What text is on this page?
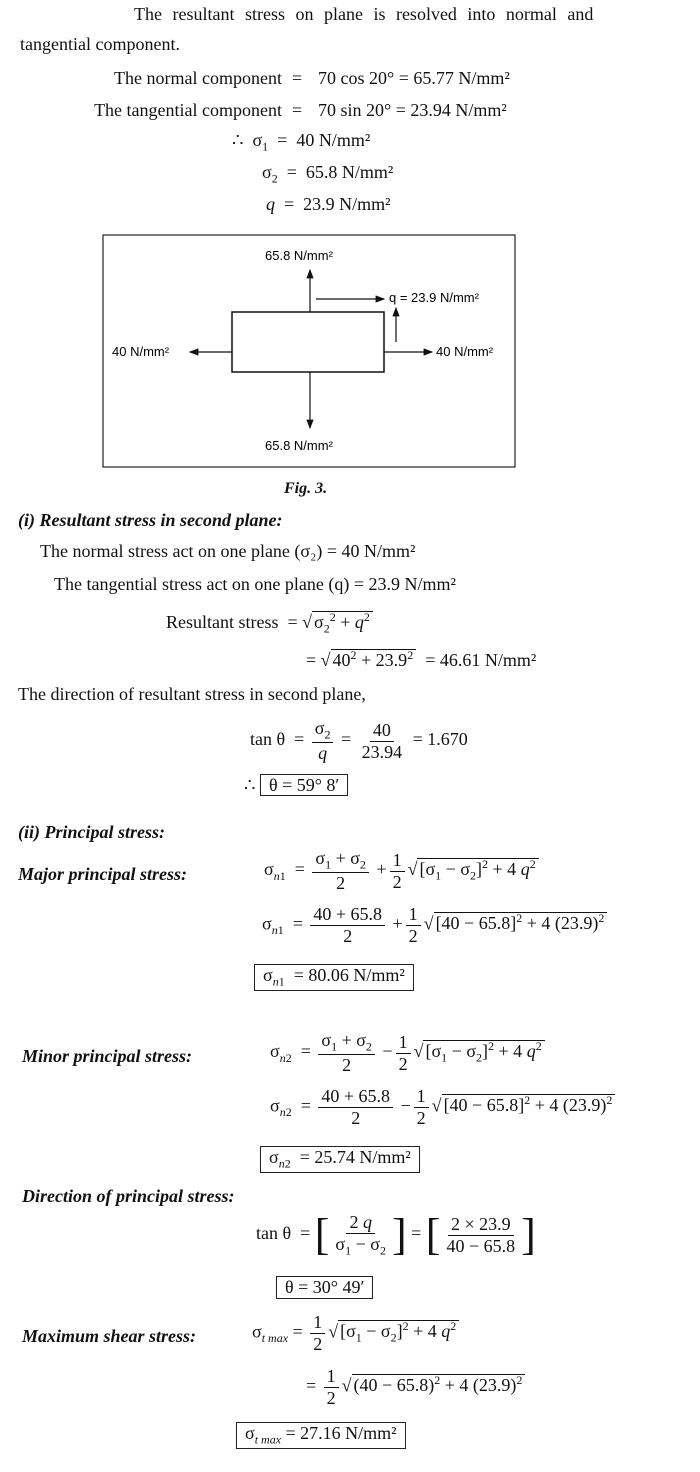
The resultant stress on plane is resolved into normal and
tangential component.
The normal component = 70 cos 20° = 65.77 N/mm²
The tangential component = 70 sin 20° = 23.94 N/mm²
∴  $\sigma_1 = 40$ N/mm²
$\sigma_2 = 65.8$ N/mm²
q  =  23.9 N/mm²
65.8 N/mm²
65.8 N/mm²
40 N/mm²	40 N/mm²
q = 23.9 N/mm²
Fig. 3.
(i) Resultant stress in second plane:
The normal stress act on one plane (σ₂) = 40 N/mm²
The tangential stress act on one plane (q) = 23.9 N/mm²
Resultant stress  = √ $\sigma_2^2 + q^2$
= √ $40^2 + 23.9^2 = 46.61$ N/mm²
The direction of resultant stress in second plane,
$\tan \theta = \frac{\sigma_2}{q} = \frac{40}{23.94} = 1.670$
∴ θ = 59° 8′
(ii) Principal stress:
Major principal stress:	$\sigma_{n1} = \frac{\sigma_1 + \sigma_2}{2} + \frac{1}{2}$ √ $[\sigma_1 - \sigma_2]^2 + 4$ $q^2$
$\sigma_{n1} = \frac{40 + 65.8}{2} + \frac{1}{2}$ √ $[40 - 65.8]^2 + 4$ $(23.9)^2$
$\sigma_{n1} = 80.06$ N/mm²
Minor principal stress:	$\sigma_{n2} = \frac{\sigma_1 + \sigma_2}{2} - \frac{1}{2}$ √ $[\sigma_1 - \sigma_2]^2 + 4$ $q^2$
$\sigma_{n2} = \frac{40 + 65.8}{2} - \frac{1}{2}$ √ $[40 - 65.8]^2 + 4$ $(23.9)^2$
$\sigma_{n2} = 25.74$ N/mm²
Direction of principal stress:
tan θ  = [ $\frac{2 q}{\sigma_1 - \sigma_2}$ ] = [ $\frac{2 \times 23.9}{40 - 65.8}$ ]
θ = 30° 49′
Maximum shear stress:	$\sigma_{t max} = \frac{1}{2}$ √ $[\sigma_1 - \sigma_2]^2 + 4$ $q^2$
= $\frac{1}{2}$ √ $(40 - 65.8)^2 + 4$ $(23.9)^2$
$\sigma_{t max} = 27.16$ N/mm²
